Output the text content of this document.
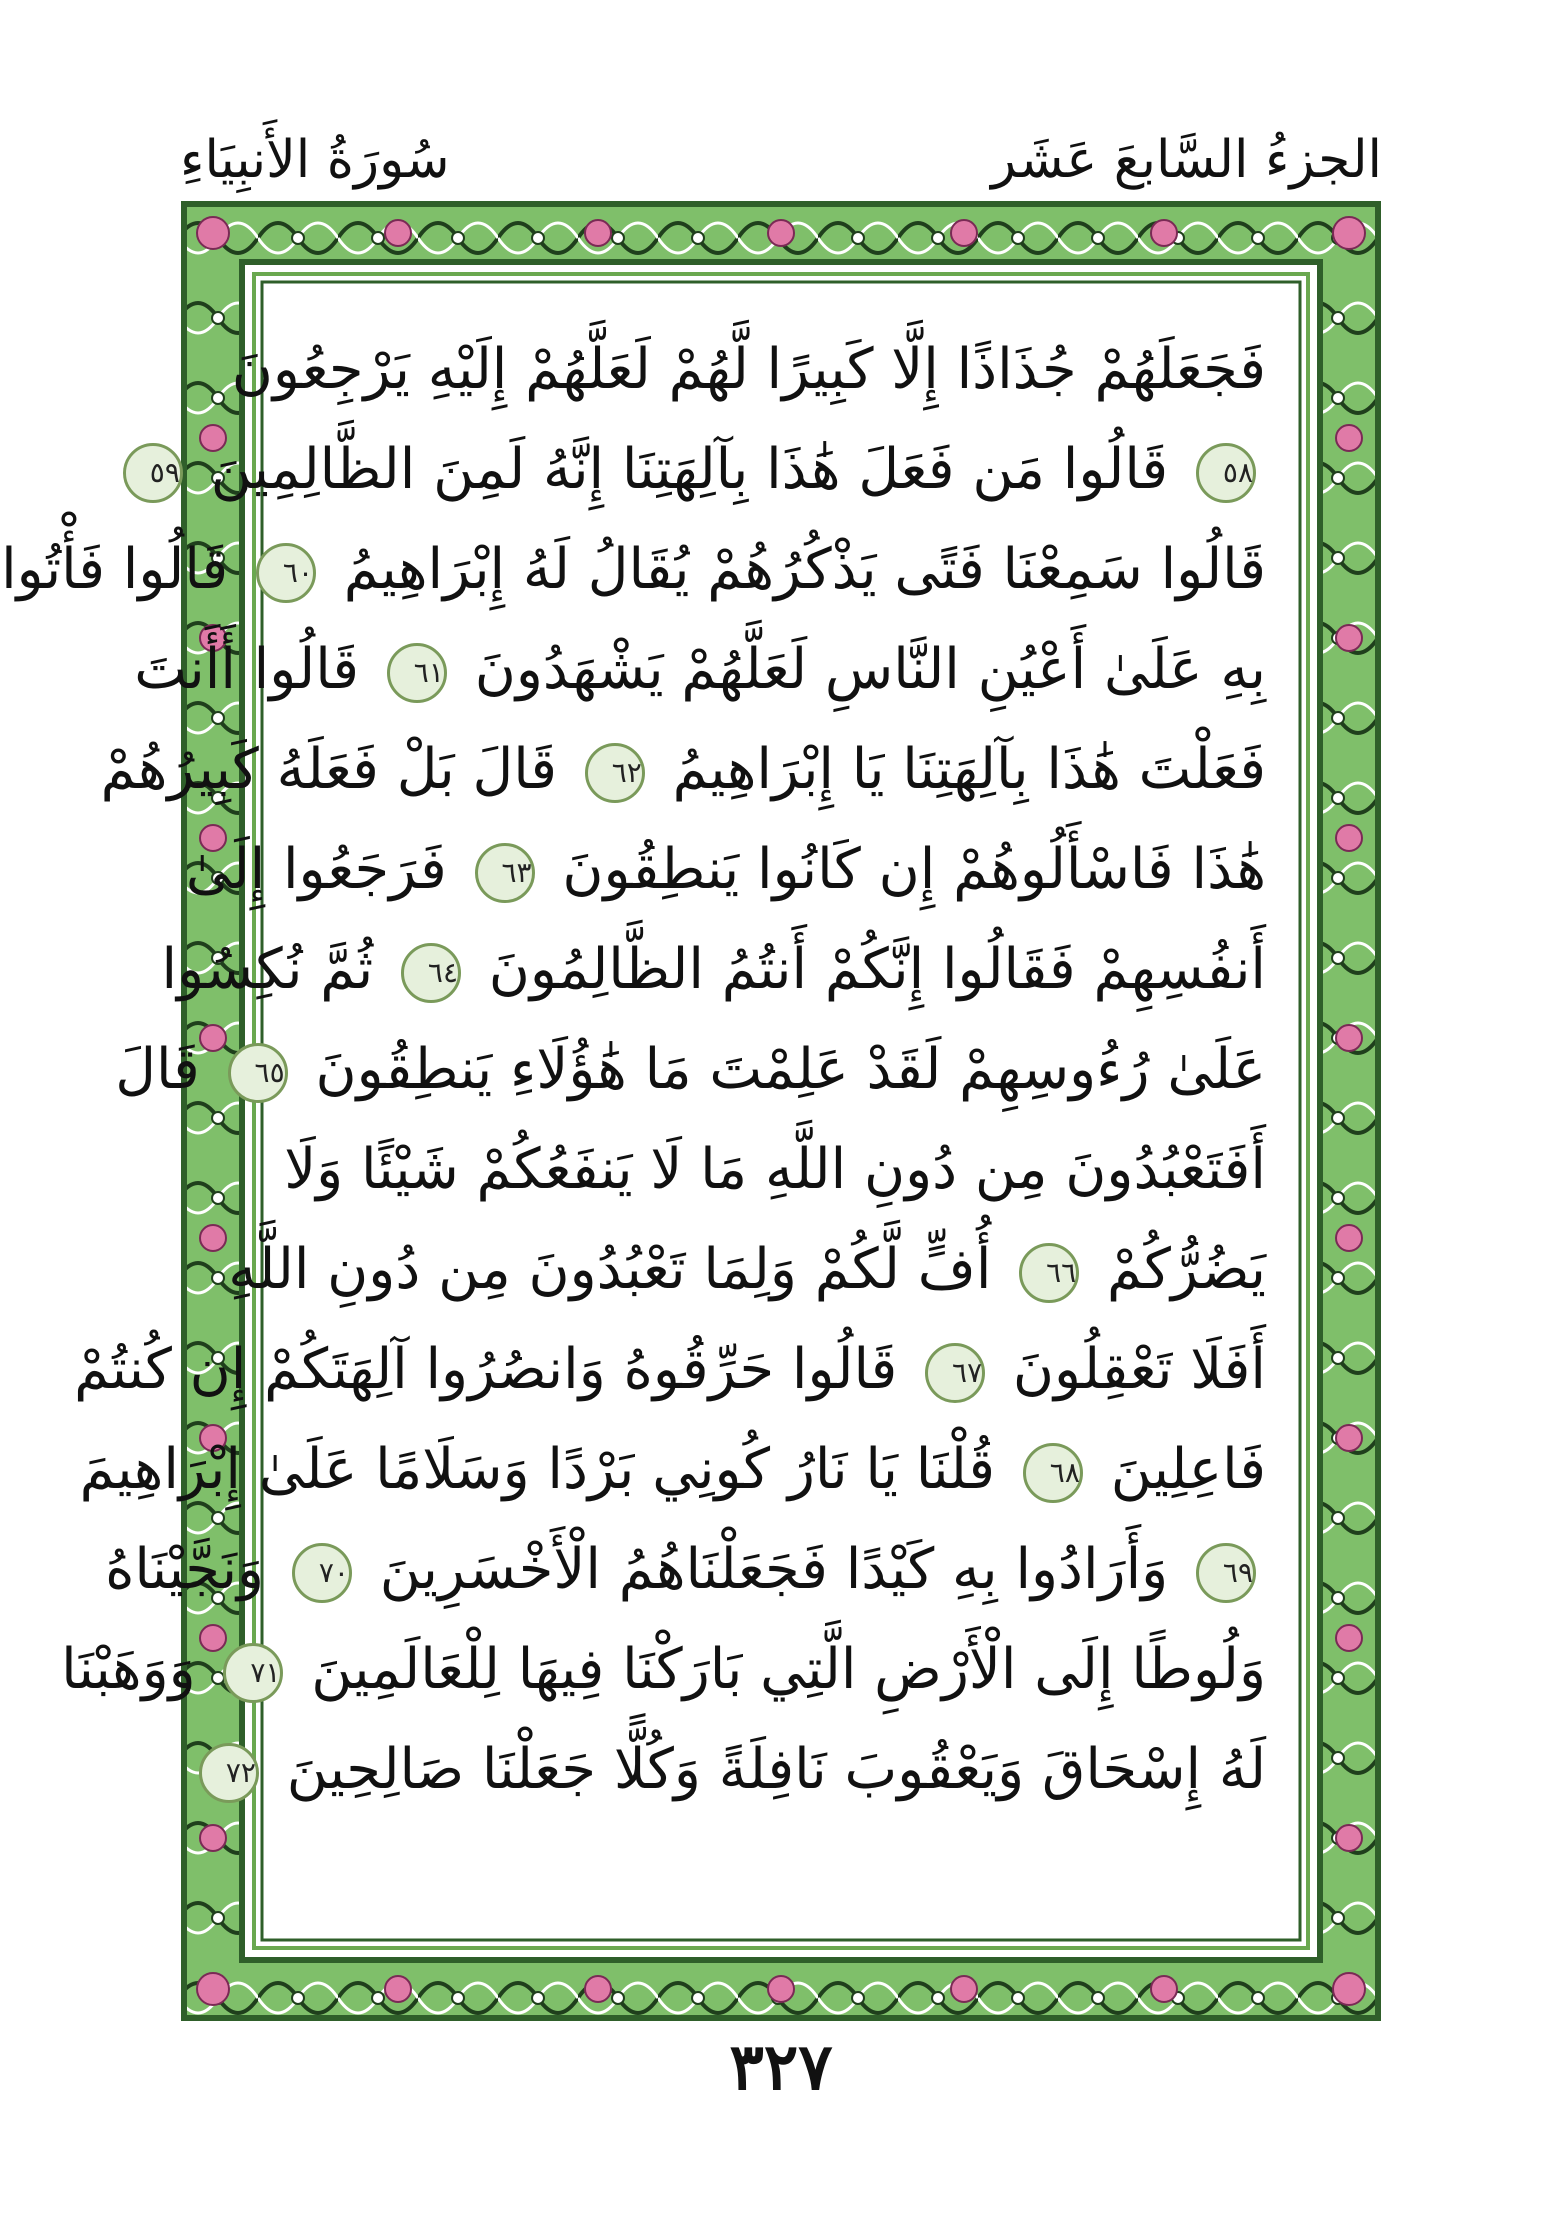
الجزءُ السَّابعَ عَشَر
سُورَةُ الأَنبِيَاءِ
فَجَعَلَهُمْ جُذَاذًا إِلَّا كَبِيرًا لَّهُمْ لَعَلَّهُمْ إِلَيْهِ يَرْجِعُونَ
٥٨ قَالُوا مَن فَعَلَ هَٰذَا بِآلِهَتِنَا إِنَّهُ لَمِنَ الظَّالِمِينَ ٥٩
قَالُوا سَمِعْنَا فَتًى يَذْكُرُهُمْ يُقَالُ لَهُ إِبْرَاهِيمُ ٦٠ قَالُوا فَأْتُوا
بِهِ عَلَىٰ أَعْيُنِ النَّاسِ لَعَلَّهُمْ يَشْهَدُونَ ٦١ قَالُوا أَأَنتَ
فَعَلْتَ هَٰذَا بِآلِهَتِنَا يَا إِبْرَاهِيمُ ٦٢ قَالَ بَلْ فَعَلَهُ كَبِيرُهُمْ
هَٰذَا فَاسْأَلُوهُمْ إِن كَانُوا يَنطِقُونَ ٦٣ فَرَجَعُوا إِلَىٰ
أَنفُسِهِمْ فَقَالُوا إِنَّكُمْ أَنتُمُ الظَّالِمُونَ ٦٤ ثُمَّ نُكِسُوا
عَلَىٰ رُءُوسِهِمْ لَقَدْ عَلِمْتَ مَا هَٰؤُلَاءِ يَنطِقُونَ ٦٥ قَالَ
أَفَتَعْبُدُونَ مِن دُونِ اللَّهِ مَا لَا يَنفَعُكُمْ شَيْئًا وَلَا
يَضُرُّكُمْ ٦٦ أُفٍّ لَّكُمْ وَلِمَا تَعْبُدُونَ مِن دُونِ اللَّهِ
أَفَلَا تَعْقِلُونَ ٦٧ قَالُوا حَرِّقُوهُ وَانصُرُوا آلِهَتَكُمْ إِن كُنتُمْ
فَاعِلِينَ ٦٨ قُلْنَا يَا نَارُ كُونِي بَرْدًا وَسَلَامًا عَلَىٰ إِبْرَاهِيمَ
٦٩ وَأَرَادُوا بِهِ كَيْدًا فَجَعَلْنَاهُمُ الْأَخْسَرِينَ ٧٠ وَنَجَّيْنَاهُ
وَلُوطًا إِلَى الْأَرْضِ الَّتِي بَارَكْنَا فِيهَا لِلْعَالَمِينَ ٧١ وَوَهَبْنَا
لَهُ إِسْحَاقَ وَيَعْقُوبَ نَافِلَةً وَكُلًّا جَعَلْنَا صَالِحِينَ ٧٢
٣٢٧
